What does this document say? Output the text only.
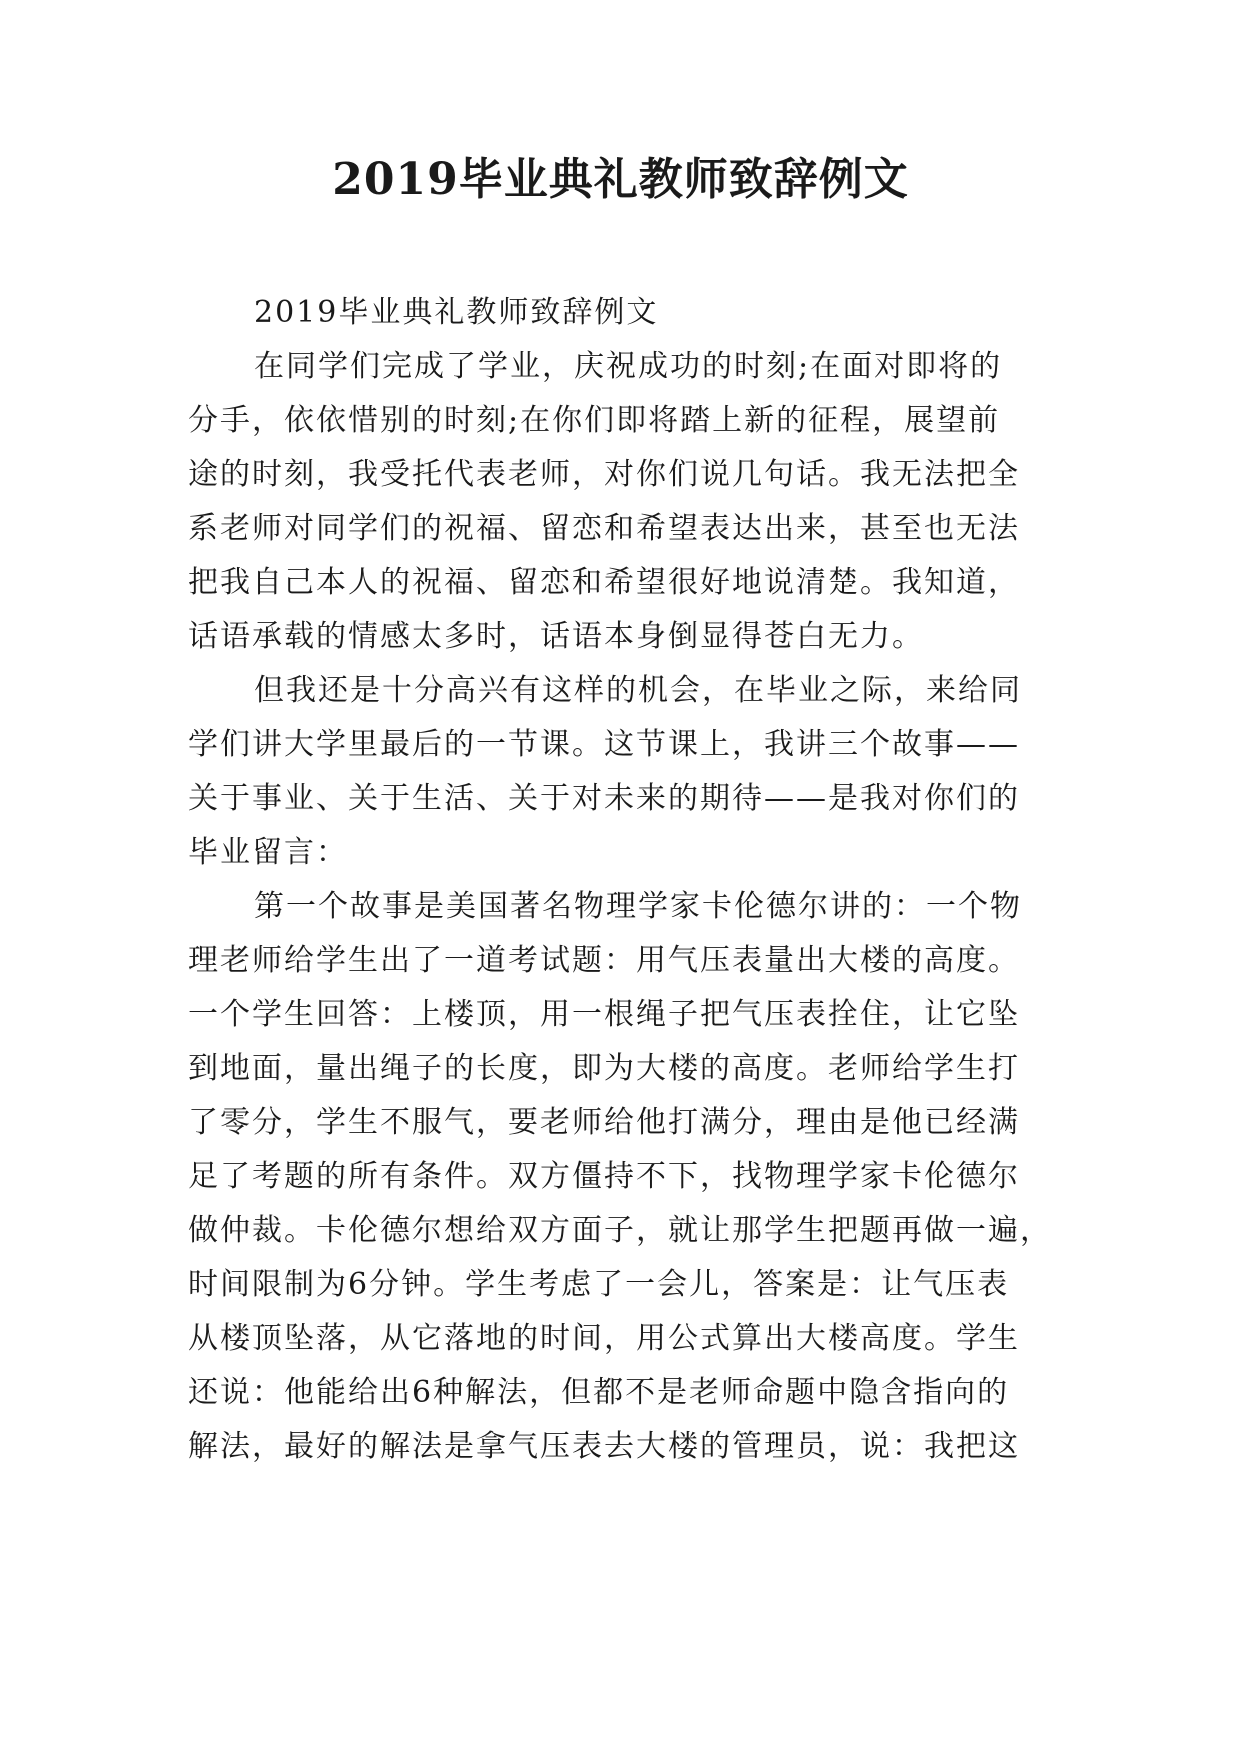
2019毕业典礼教师致辞例文
2019毕业典礼教师致辞例文
在同学们完成了学业，庆祝成功的时刻;在面对即将的
分手，依依惜别的时刻;在你们即将踏上新的征程，展望前
途的时刻，我受托代表老师，对你们说几句话。我无法把全
系老师对同学们的祝福、留恋和希望表达出来，甚至也无法
把我自己本人的祝福、留恋和希望很好地说清楚。我知道，
话语承载的情感太多时，话语本身倒显得苍白无力。
但我还是十分高兴有这样的机会，在毕业之际，来给同
学们讲大学里最后的一节课。这节课上，我讲三个故事——
关于事业、关于生活、关于对未来的期待——是我对你们的
毕业留言：
第一个故事是美国著名物理学家卡伦德尔讲的：一个物
理老师给学生出了一道考试题：用气压表量出大楼的高度。
一个学生回答：上楼顶，用一根绳子把气压表拴住，让它坠
到地面，量出绳子的长度，即为大楼的高度。老师给学生打
了零分，学生不服气，要老师给他打满分，理由是他已经满
足了考题的所有条件。双方僵持不下，找物理学家卡伦德尔
做仲裁。卡伦德尔想给双方面子，就让那学生把题再做一遍，
时间限制为6分钟。学生考虑了一会儿，答案是：让气压表
从楼顶坠落，从它落地的时间，用公式算出大楼高度。学生
还说：他能给出6种解法，但都不是老师命题中隐含指向的
解法，最好的解法是拿气压表去大楼的管理员，说：我把这
